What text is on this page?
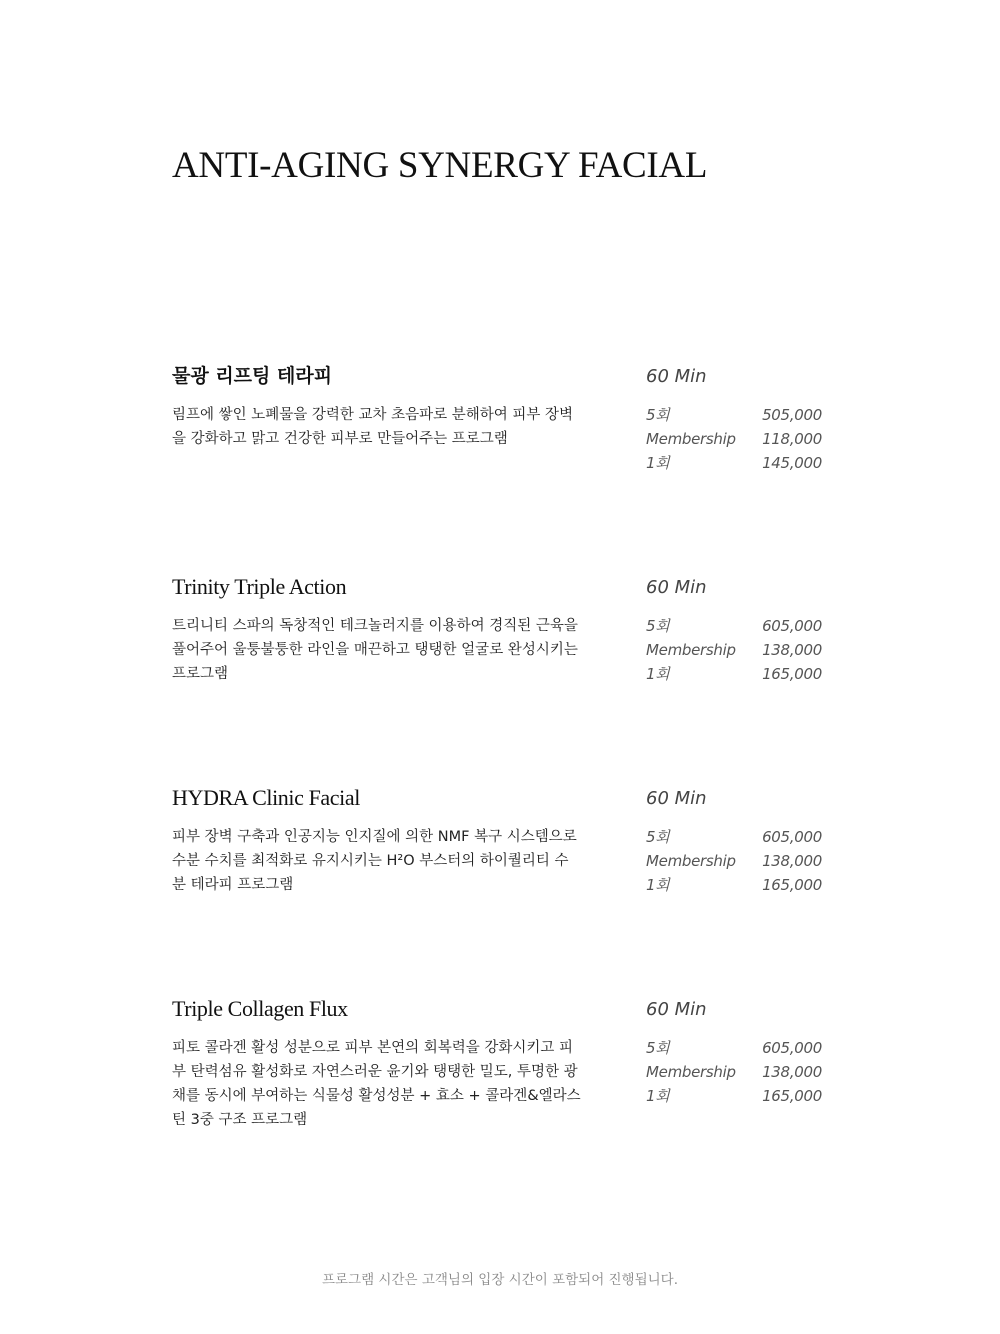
ANTI-AGING SYNERGY FACIAL
물광 리프팅 테라피	60 Min

림프에 쌓인 노폐물을 강력한 교차 초음파로 분해하여 피부 장벽을 강화하고 맑고 건강한 피부로 만들어주는 프로그램

5회	505,000
Membership 118,000
1회	145,000
Trinity Triple Action	60 Min

트리니티 스파의 독창적인 테크놀러지를 이용하여 경직된 근육을 풀어주어 울퉁불퉁한 라인을 매끈하고 탱탱한 얼굴로 완성시키는 프로그램

5회	605,000
Membership 138,000
1회	165,000
HYDRA Clinic Facial	60 Min

피부 장벽 구축과 인공지능 인지질에 의한 NMF 복구 시스템으로 수분 수치를 최적화로 유지시키는 H²O 부스터의 하이퀄리티 수분 테라피 프로그램

5회	605,000
Membership 138,000
1회	165,000
Triple Collagen Flux	60 Min

피토 콜라겐 활성 성분으로 피부 본연의 회복력을 강화시키고 피부 탄력섬유 활성화로 자연스러운 윤기와 탱탱한 밀도, 투명한 광채를 동시에 부여하는 식물성 활성성분 + 효소 + 콜라겐&엘라스틴 3중 구조 프로그램

5회	605,000
Membership 138,000
1회	165,000

프로그램 시간은 고객님의 입장 시간이 포함되어 진행됩니다.
